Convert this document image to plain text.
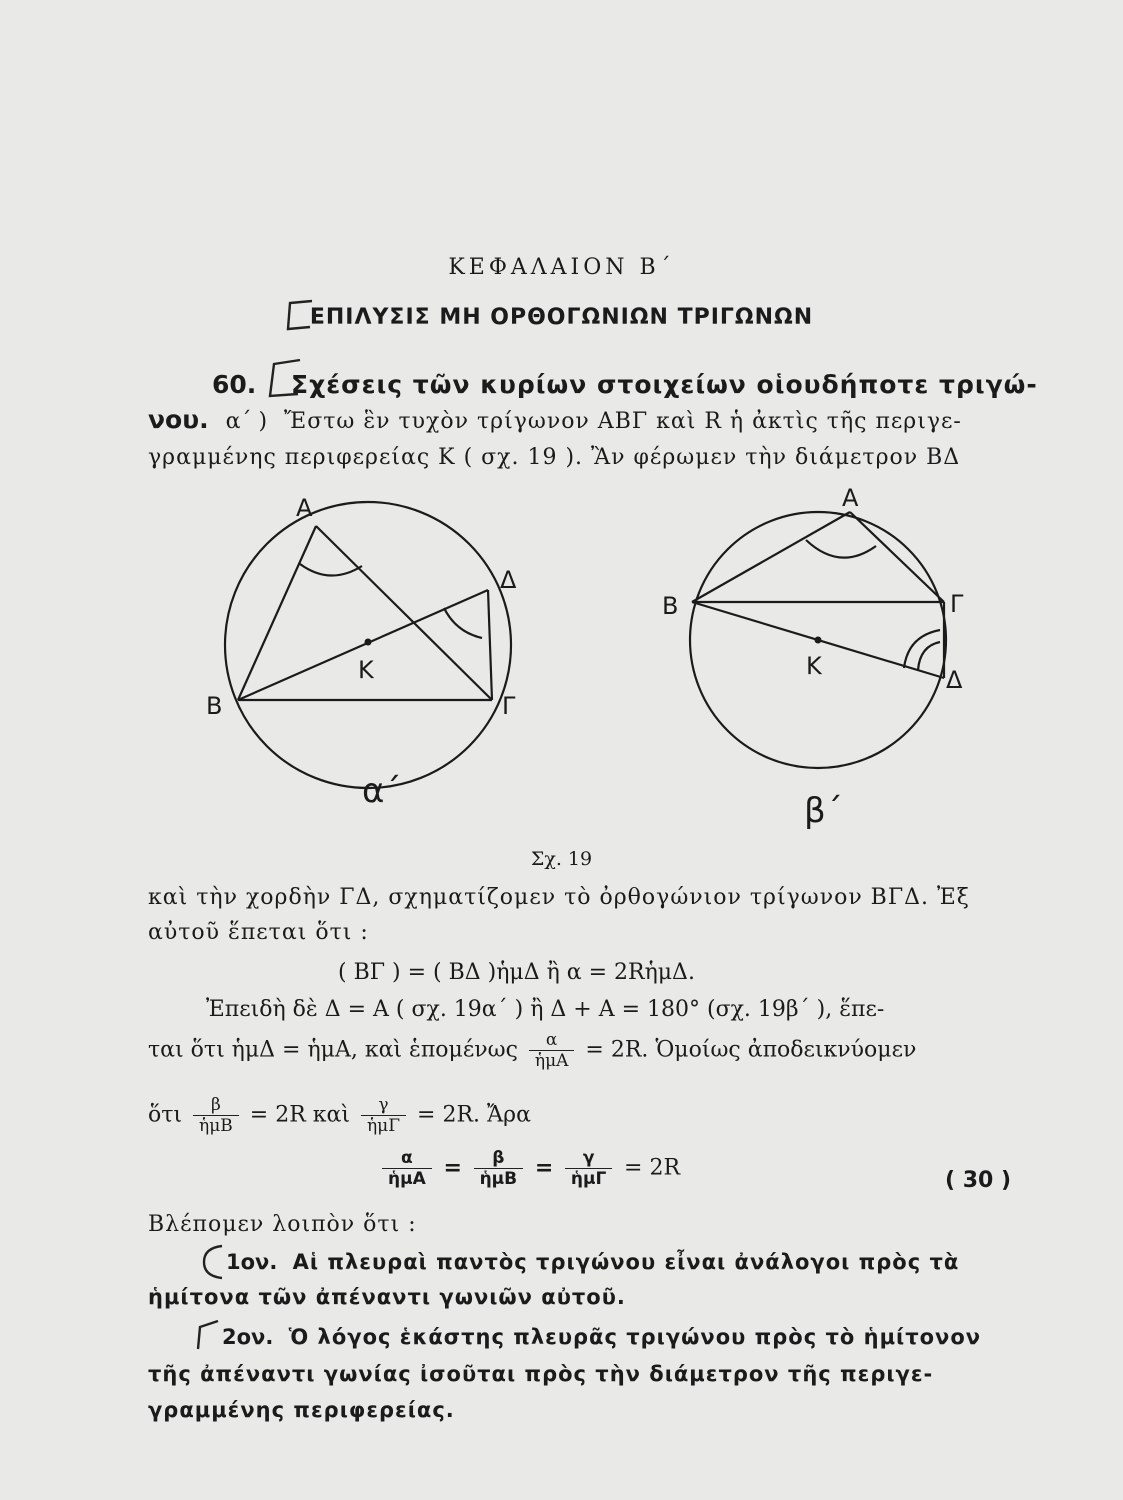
ΚΕΦΑΛΑΙΟΝ Β΄
ΕΠΙΛΥΣΙΣ ΜΗ ΟΡΘΟΓΩΝΙΩΝ ΤΡΙΓΩΝΩΝ
60. Σχέσεις τῶν κυρίων στοιχείων οἱουδήποτε τριγώ-
νου. α΄ ) Ἔστω ἓν τυχὸν τρίγωνον ΑΒΓ καὶ R ἡ ἀκτὶς τῆς περιγε-
γραμμένης περιφερείας Κ ( σχ. 19 ). Ἂν φέρωμεν τὴν διάμετρον ΒΔ
Α
Δ
Κ
Β	Γ
α΄
Α
Β	Γ
Κ	Δ
β΄
Σχ. 19
καὶ τὴν χορδὴν ΓΔ, σχηματίζομεν τὸ ὀρθογώνιον τρίγωνον ΒΓΔ. Ἐξ
αὐτοῦ ἕπεται ὅτι :
( ΒΓ ) = ( ΒΔ )ἡμΔ ἢ α = 2RἡμΔ.
Ἐπειδὴ δὲ Δ = Α ( σχ. 19α΄ ) ἢ Δ + Α = 180° (σχ. 19β΄ ), ἕπε-
ται ὅτι ἡμΔ = ἡμΑ, καὶ ἑπομένως $\frac{\alpha}{\text{ἡμΑ}} = 2R$. Ὁμοίως ἀποδεικνύομεν
ὅτι $\frac{\beta}{\text{ἡμΒ}} = 2R$ καὶ $\frac{\gamma}{\text{ἡμΓ}} = 2R$. Ἄρα
$\frac{\alpha}{\text{ἡμΑ}} = \frac{\beta}{\text{ἡμΒ}} = \frac{\gamma}{\text{ἡμΓ}} = 2R$	( 30 )
Βλέπομεν λοιπὸν ὅτι :
1ον. Αἱ πλευραὶ παντὸς τριγώνου εἶναι ἀνάλογοι πρὸς τὰ
ἡμίτονα τῶν ἀπέναντι γωνιῶν αὐτοῦ.
2ον. Ὁ λόγος ἑκάστης πλευρᾶς τριγώνου πρὸς τὸ ἡμίτονον
τῆς ἀπέναντι γωνίας ἰσοῦται πρὸς τὴν διάμετρον τῆς περιγε-
γραμμένης περιφερείας.
